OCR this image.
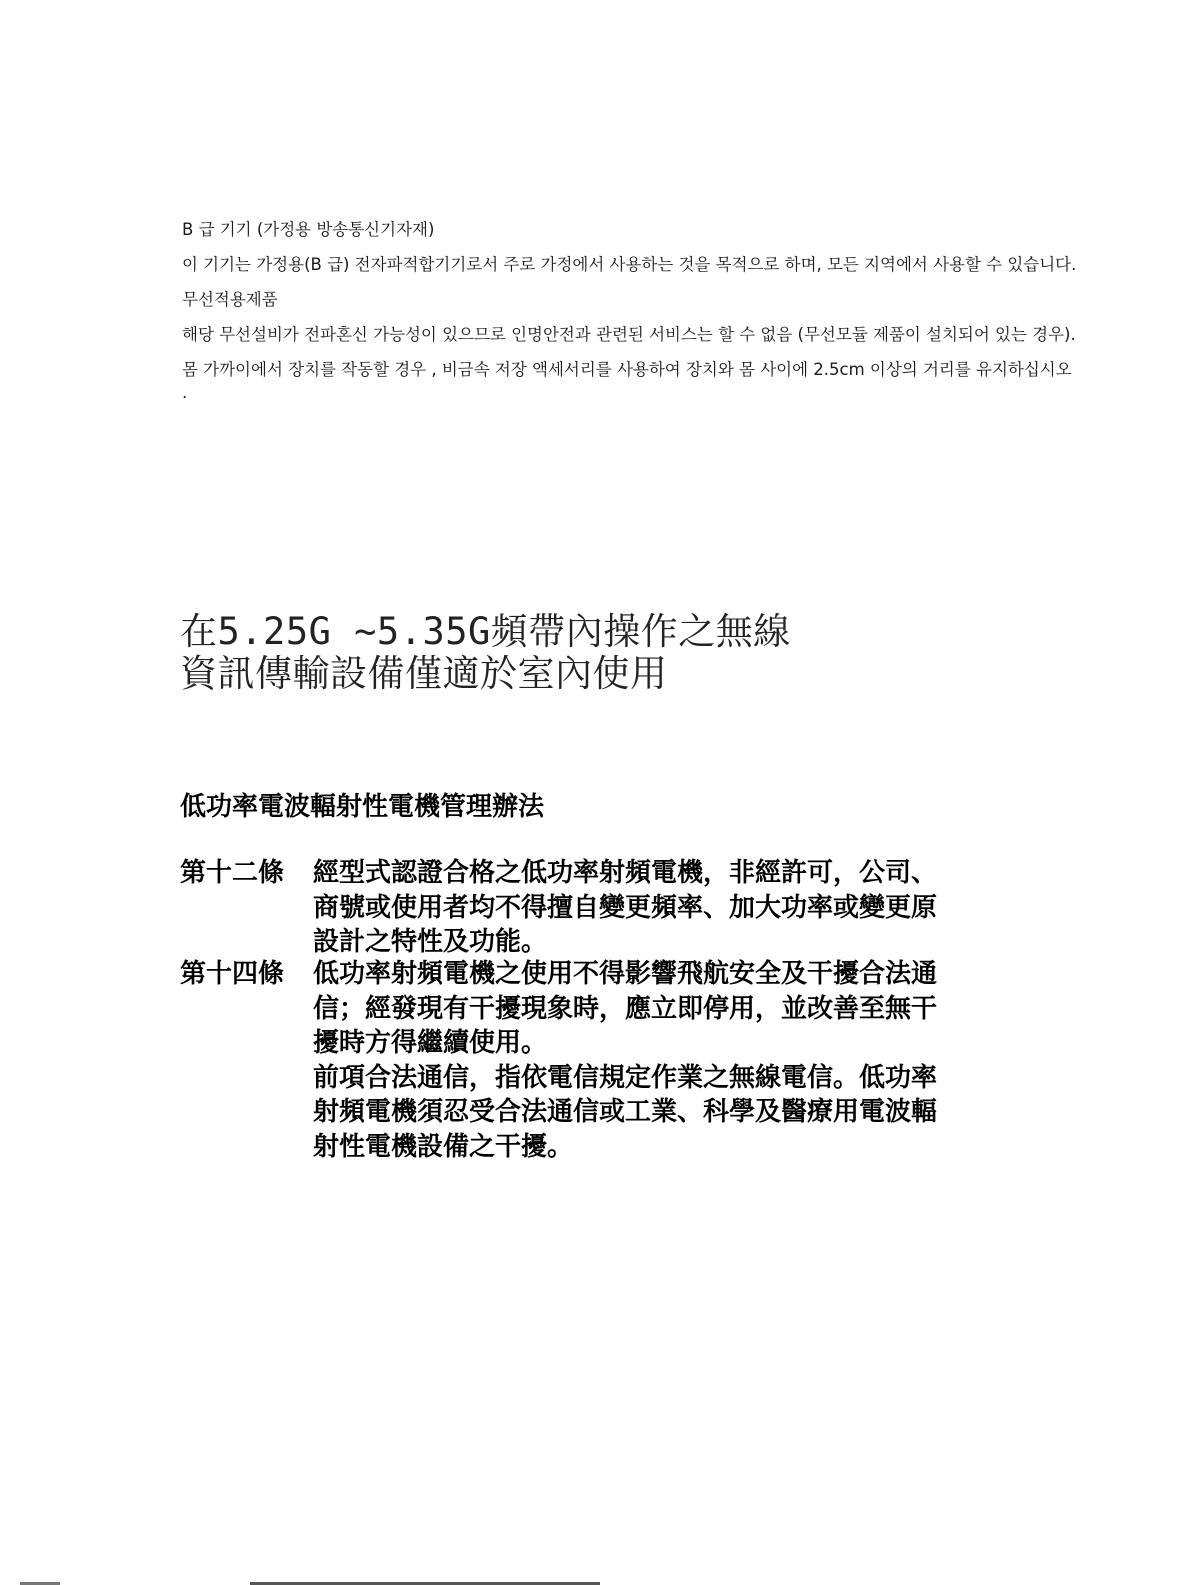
B 급 기기 (가정용 방송통신기자재)

이 기기는 가정용(B 급) 전자파적합기기로서 주로 가정에서 사용하는 것을 목적으로 하며, 모든 지역에서 사용할 수 있습니다.

무선적용제품

해당 무선설비가 전파혼신 가능성이 있으므로 인명안전과 관련된 서비스는 할 수 없음 (무선모듈 제품이 설치되어 있는 경우).

몸 가까이에서 장치를 작동할 경우 , 비금속 저장 액세서리를 사용하여 장치와 몸 사이에 2.5cm 이상의 거리를 유지하십시오 .

在5.25G ~5.35G頻帶內操作之無線
資訊傳輸設備僅適於室內使用
低功率電波輻射性電機管理辦法
第十二條 經型式認證合格之低功率射頻電機，非經許可，公司、
商號或使用者均不得擅自變更頻率、加大功率或變更原
設計之特性及功能。
第十四條 低功率射頻電機之使用不得影響飛航安全及干擾合法通
信；經發現有干擾現象時，應立即停用，並改善至無干
擾時方得繼續使用。
前項合法通信，指依電信規定作業之無線電信。低功率
射頻電機須忍受合法通信或工業、科學及醫療用電波輻
射性電機設備之干擾。
